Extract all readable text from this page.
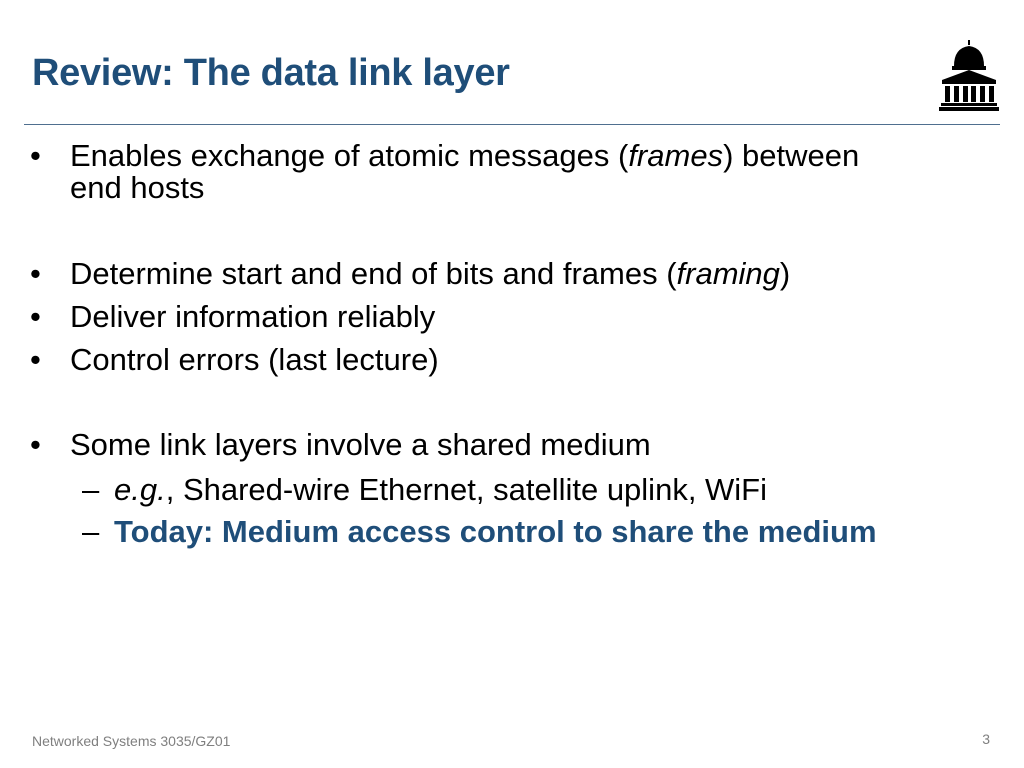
Review: The data link layer
• Enables exchange of atomic messages (frames) between
end hosts
• Determine start and end of bits and frames (framing)
• Deliver information reliably
• Control errors (last lecture)
• Some link layers involve a shared medium
– e.g., Shared-wire Ethernet, satellite uplink, WiFi
– Today: Medium access control to share the medium
Networked Systems 3035/GZ01	3
